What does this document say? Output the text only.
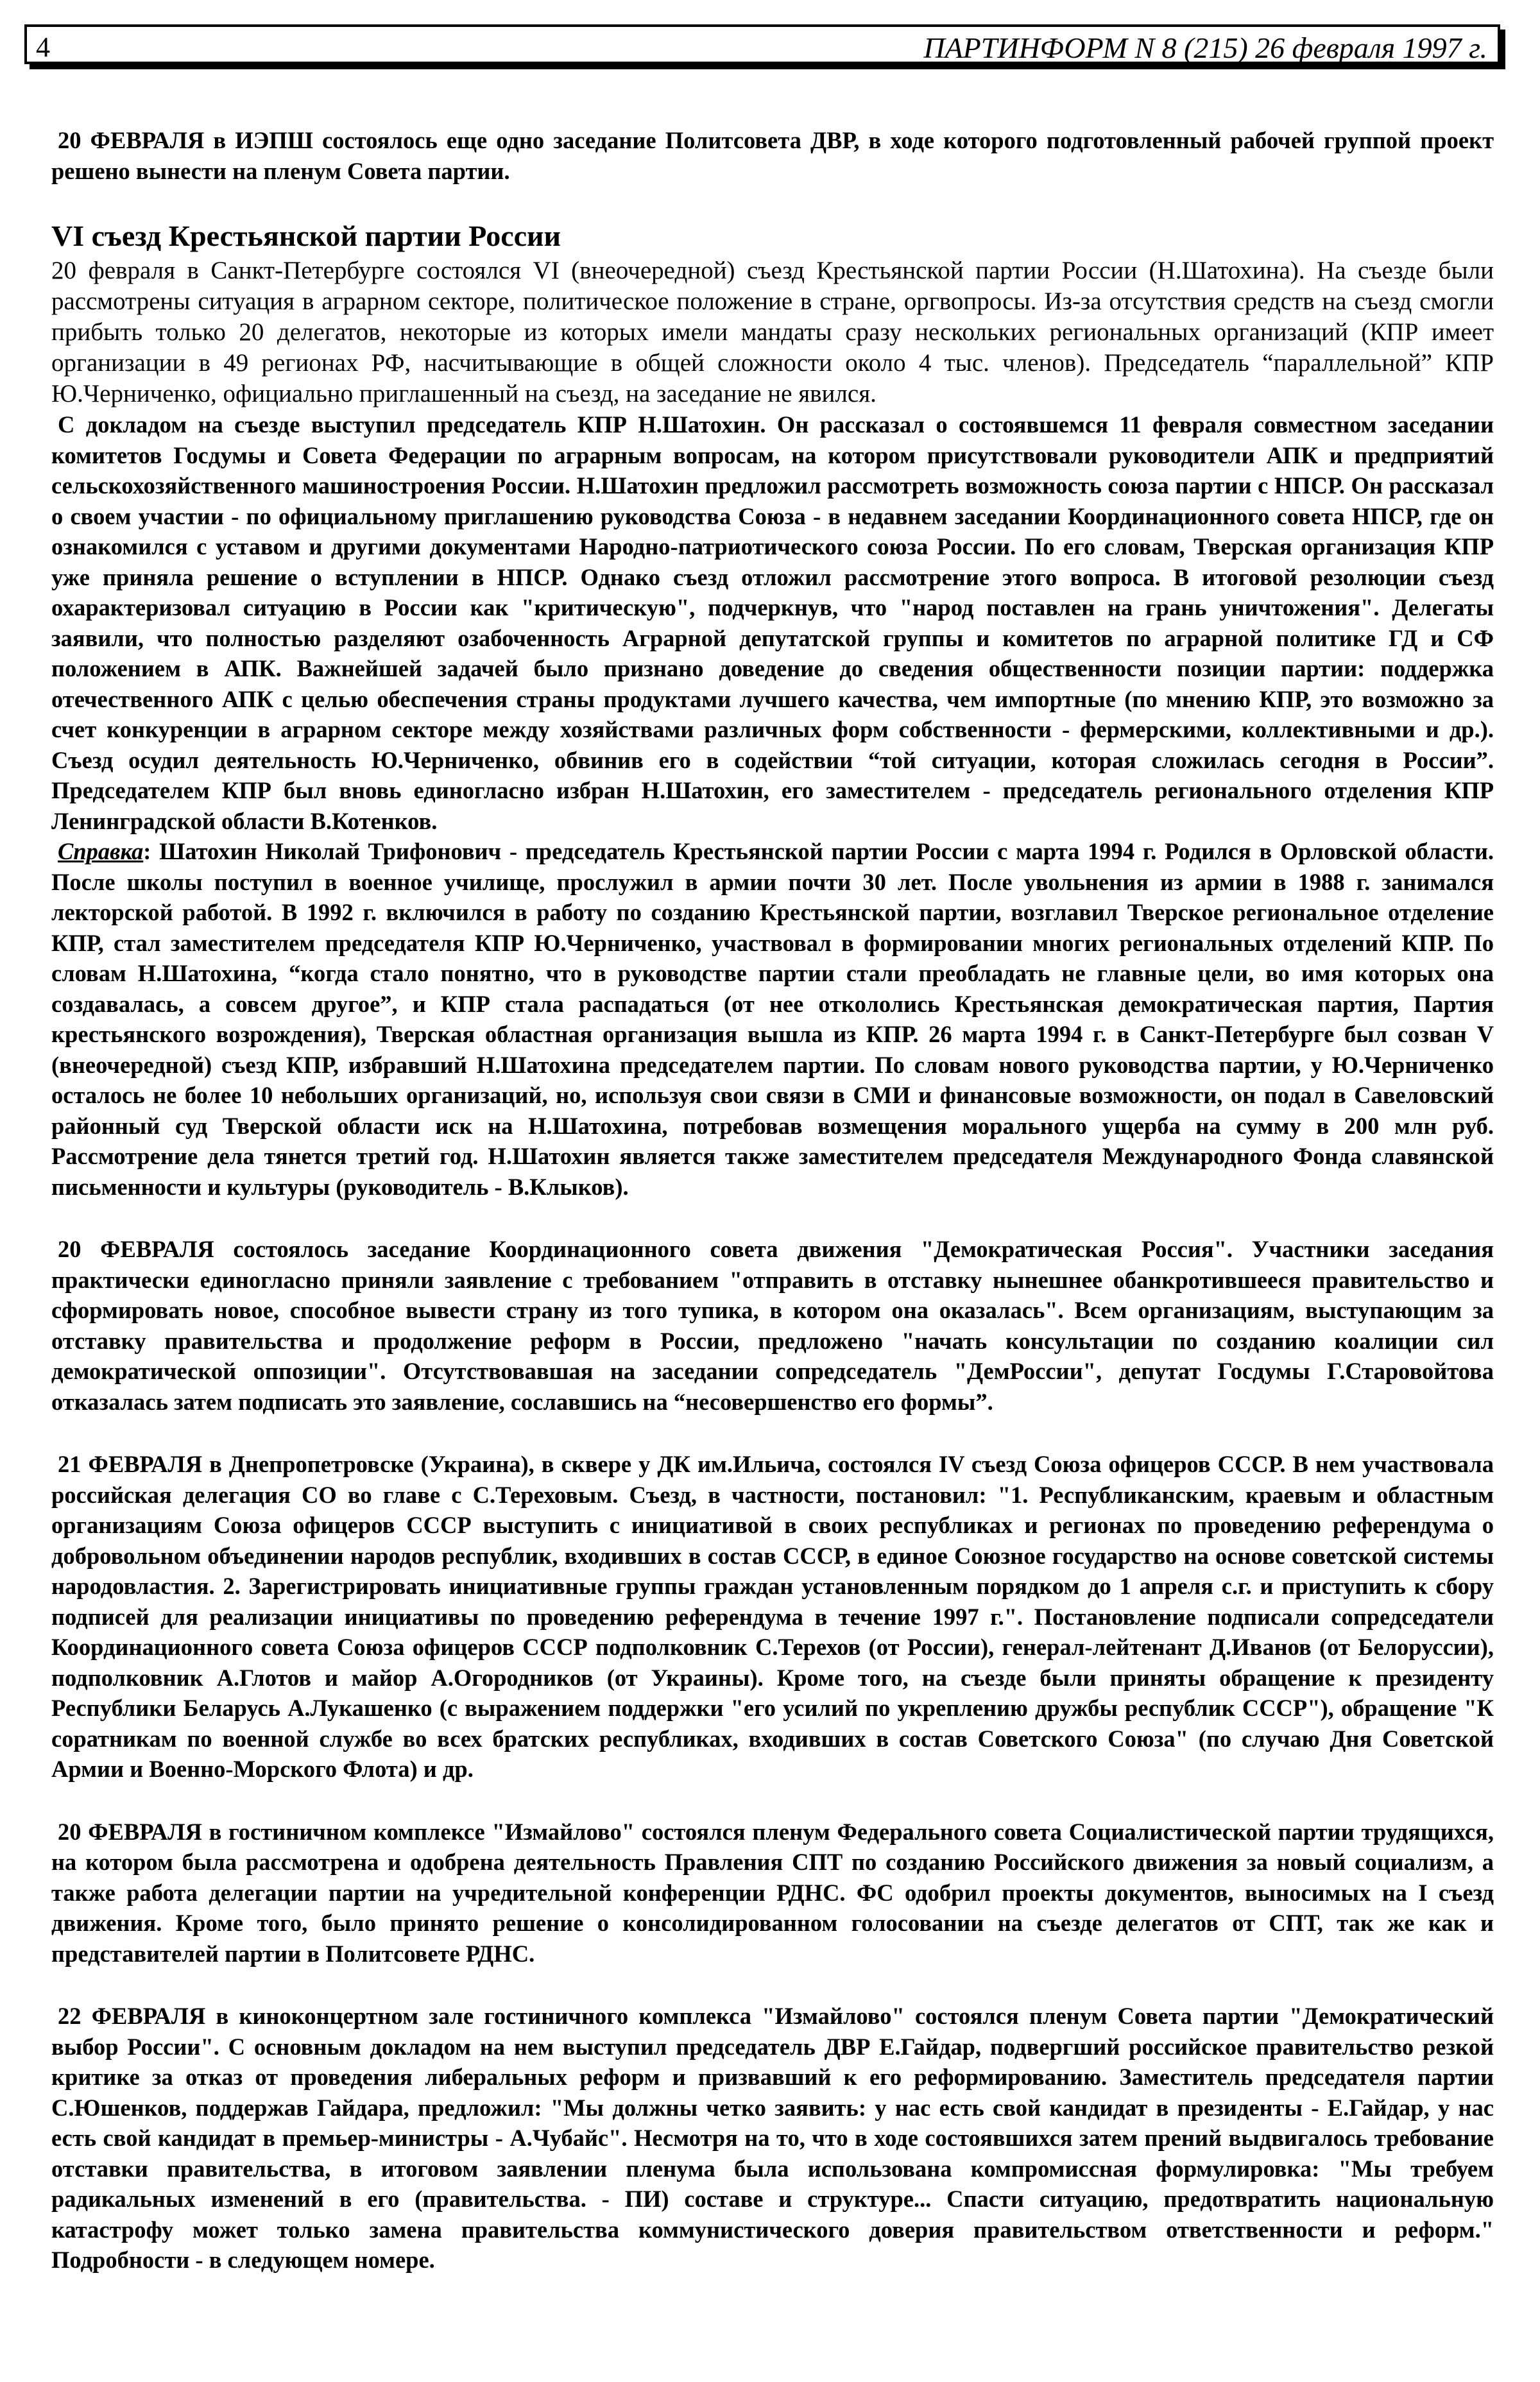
4	ПАРТИНФОРМ N 8 (215) 26 февраля 1997 г.

20 ФЕВРАЛЯ в ИЭПШ состоялось еще одно заседание Политсовета ДВР, в ходе которого подготовленный рабочей группой проект решено вынести на пленум Совета партии.

VI съезд Крестьянской партии России

20 февраля в Санкт-Петербурге состоялся VI (внеочередной) съезд Крестьянской партии России (Н.Шатохина). На съезде были рассмотрены ситуация в аграрном секторе, политическое положение в стране, оргвопросы. Из-за отсутствия средств на съезд смогли прибыть только 20 делегатов, некоторые из которых имели мандаты сразу нескольких региональных организаций (КПР имеет организации в 49 регионах РФ, насчитывающие в общей сложности около 4 тыс. членов). Председатель “параллельной” КПР Ю.Черниченко, официально приглашенный на съезд, на заседание не явился.

С докладом на съезде выступил председатель КПР Н.Шатохин. Он рассказал о состоявшемся 11 февраля совместном заседании комитетов Госдумы и Совета Федерации по аграрным вопросам, на котором присутствовали руководители АПК и предприятий сельскохозяйственного машиностроения России. Н.Шатохин предложил рассмотреть возможность союза партии с НПСР. Он рассказал о своем участии - по официальному приглашению руководства Союза - в недавнем заседании Координационного совета НПСР, где он ознакомился с уставом и другими документами Народно-патриотического союза России. По его словам, Тверская организация КПР уже приняла решение о вступлении в НПСР. Однако съезд отложил рассмотрение этого вопроса. В итоговой резолюции съезд охарактеризовал ситуацию в России как "критическую", подчеркнув, что "народ поставлен на грань уничтожения". Делегаты заявили, что полностью разделяют озабоченность Аграрной депутатской группы и комитетов по аграрной политике ГД и СФ положением в АПК. Важнейшей задачей было признано доведение до сведения общественности позиции партии: поддержка отечественного АПК с целью обеспечения страны продуктами лучшего качества, чем импортные (по мнению КПР, это возможно за счет конкуренции в аграрном секторе между хозяйствами различных форм собственности - фермерскими, коллективными и др.). Съезд осудил деятельность Ю.Черниченко, обвинив его в содействии “той ситуации, которая сложилась сегодня в России”. Председателем КПР был вновь единогласно избран Н.Шатохин, его заместителем - председатель регионального отделения КПР Ленинградской области В.Котенков.

Справка: Шатохин Николай Трифонович - председатель Крестьянской партии России с марта 1994 г. Родился в Орловской области. После школы поступил в военное училище, прослужил в армии почти 30 лет. После увольнения из армии в 1988 г. занимался лекторской работой. В 1992 г. включился в работу по созданию Крестьянской партии, возглавил Тверское региональное отделение КПР, стал заместителем председателя КПР Ю.Черниченко, участвовал в формировании многих региональных отделений КПР. По словам Н.Шатохина, “когда стало понятно, что в руководстве партии стали преобладать не главные цели, во имя которых она создавалась, а совсем другое”, и КПР стала распадаться (от нее откололись Крестьянская демократическая партия, Партия крестьянского возрождения), Тверская областная организация вышла из КПР. 26 марта 1994 г. в Санкт-Петербурге был созван V (внеочередной) съезд КПР, избравший Н.Шатохина председателем партии. По словам нового руководства партии, у Ю.Черниченко осталось не более 10 небольших организаций, но, используя свои связи в СМИ и финансовые возможности, он подал в Савеловский районный суд Тверской области иск на Н.Шатохина, потребовав возмещения морального ущерба на сумму в 200 млн руб. Рассмотрение дела тянется третий год. Н.Шатохин является также заместителем председателя Международного Фонда славянской письменности и культуры (руководитель - В.Клыков).

20 ФЕВРАЛЯ состоялось заседание Координационного совета движения "Демократическая Россия". Участники заседания практически единогласно приняли заявление с требованием "отправить в отставку нынешнее обанкротившееся правительство и сформировать новое, способное вывести страну из того тупика, в котором она оказалась". Всем организациям, выступающим за отставку правительства и продолжение реформ в России, предложено "начать консультации по созданию коалиции сил демократической оппозиции". Отсутствовавшая на заседании сопредседатель "ДемРоссии", депутат Госдумы Г.Старовойтова отказалась затем подписать это заявление, сославшись на “несовершенство его формы”.

21 ФЕВРАЛЯ в Днепропетровске (Украина), в сквере у ДК им.Ильича, состоялся IV съезд Союза офицеров СССР. В нем участвовала российская делегация СО во главе с С.Тереховым. Съезд, в частности, постановил: "1. Республиканским, краевым и областным организациям Союза офицеров СССР выступить с инициативой в своих республиках и регионах по проведению референдума о добровольном объединении народов республик, входивших в состав СССР, в единое Союзное государство на основе советской системы народовластия. 2. Зарегистрировать инициативные группы граждан установленным порядком до 1 апреля с.г. и приступить к сбору подписей для реализации инициативы по проведению референдума в течение 1997 г.". Постановление подписали сопредседатели Координационного совета Союза офицеров СССР подполковник С.Терехов (от России), генерал-лейтенант Д.Иванов (от Белоруссии), подполковник А.Глотов и майор А.Огородников (от Украины). Кроме того, на съезде были приняты обращение к президенту Республики Беларусь А.Лукашенко (с выражением поддержки "его усилий по укреплению дружбы республик СССР"), обращение "К соратникам по военной службе во всех братских республиках, входивших в состав Советского Союза" (по случаю Дня Советской Армии и Военно-Морского Флота) и др.

20 ФЕВРАЛЯ в гостиничном комплексе "Измайлово" состоялся пленум Федерального совета Социалистической партии трудящихся, на котором была рассмотрена и одобрена деятельность Правления СПТ по созданию Российского движения за новый социализм, а также работа делегации партии на учредительной конференции РДНС. ФС одобрил проекты документов, выносимых на I съезд движения. Кроме того, было принято решение о консолидированном голосовании на съезде делегатов от СПТ, так же как и представителей партии в Политсовете РДНС.

22 ФЕВРАЛЯ в киноконцертном зале гостиничного комплекса "Измайлово" состоялся пленум Совета партии "Демократический выбор России". С основным докладом на нем выступил председатель ДВР Е.Гайдар, подвергший российское правительство резкой критике за отказ от проведения либеральных реформ и призвавший к его реформированию. Заместитель председателя партии С.Юшенков, поддержав Гайдара, предложил: "Мы должны четко заявить: у нас есть свой кандидат в президенты - Е.Гайдар, у нас есть свой кандидат в премьер-министры - А.Чубайс". Несмотря на то, что в ходе состоявшихся затем прений выдвигалось требование отставки правительства, в итоговом заявлении пленума была использована компромиссная формулировка: "Мы требуем радикальных изменений в его (правительства. - ПИ) составе и структуре... Спасти ситуацию, предотвратить национальную катастрофу может только замена правительства коммунистического доверия правительством ответственности и реформ." Подробности - в следующем номере.
